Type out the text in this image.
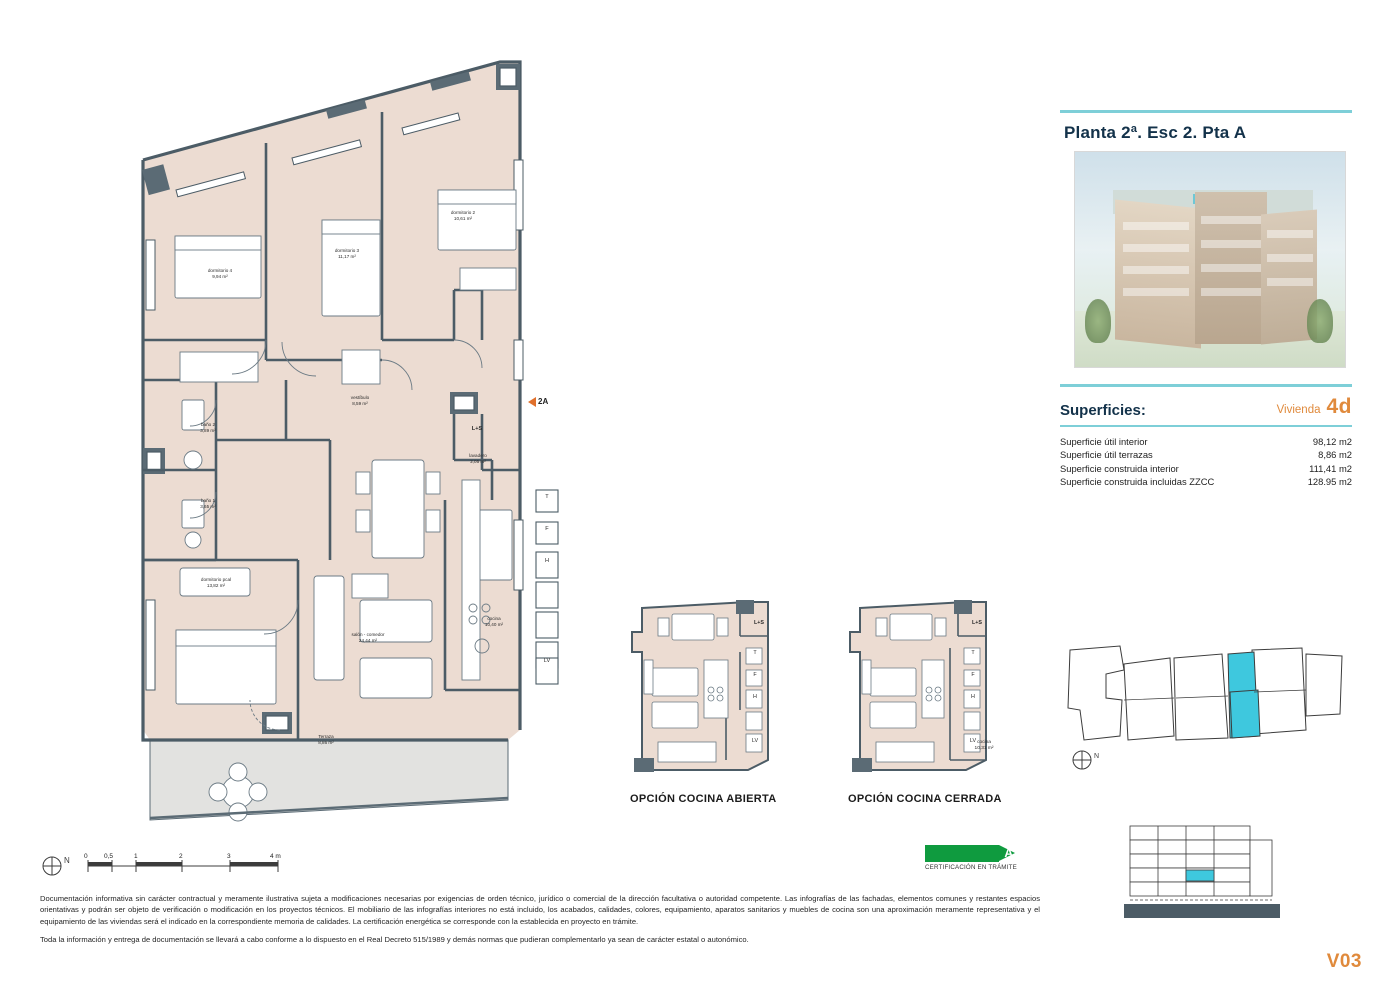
dormitorio 4
9,94 m²
dormitorio 3
11,17 m²
dormitorio 2
10,61 m²
vestíbulo
8,59 m²
baño 2
3,89 m²
baño 1
3,65 m²
dormitorio pcal
13,82 m²
salón - comedor
24,44 m²
lavadero
2,05 m²
cocina
10,40 m²
Terraza
8,86 m²
L+S
T
F
H
LV
2A
L+S
T
F
H
LV
OPCIÓN COCINA ABIERTA
L+S
T
F
H
LV cocina
10,31 m²
OPCIÓN COCINA CERRADA
Planta 2ª. Esc 2. Pta A
Superficies:	Vivienda 4d
Superficie útil interior	98,12 m2
Superficie útil terrazas	8,86 m2
Superficie construida interior	111,41 m2
Superficie construida incluidas ZZCC	128.95 m2
N
V03
N 0	0,5	1	2	3	4 m	A
CERTIFICACIÓN EN TRÁMITE

Documentación informativa sin carácter contractual y meramente ilustrativa sujeta a modificaciones necesarias por exigencias de orden técnico, jurídico o comercial de la dirección facultativa o autoridad competente. Las infografías de las fachadas, elementos comunes y restantes espacios orientativas y podrán ser objeto de verificación o modificación en los proyectos técnicos. El mobiliario de las infografías interiores no está incluido, los acabados, calidades, colores, equipamiento, aparatos sanitarios y muebles de cocina son una aproximación meramente representativa y el equipamiento de las viviendas será el indicado en la correspondiente memoria de calidades. La certificación energética se corresponde con la establecida en proyecto en trámite.

Toda la información y entrega de documentación se llevará a cabo conforme a lo dispuesto en el Real Decreto 515/1989 y demás normas que pudieran complementarlo ya sean de carácter estatal o autonómico.
